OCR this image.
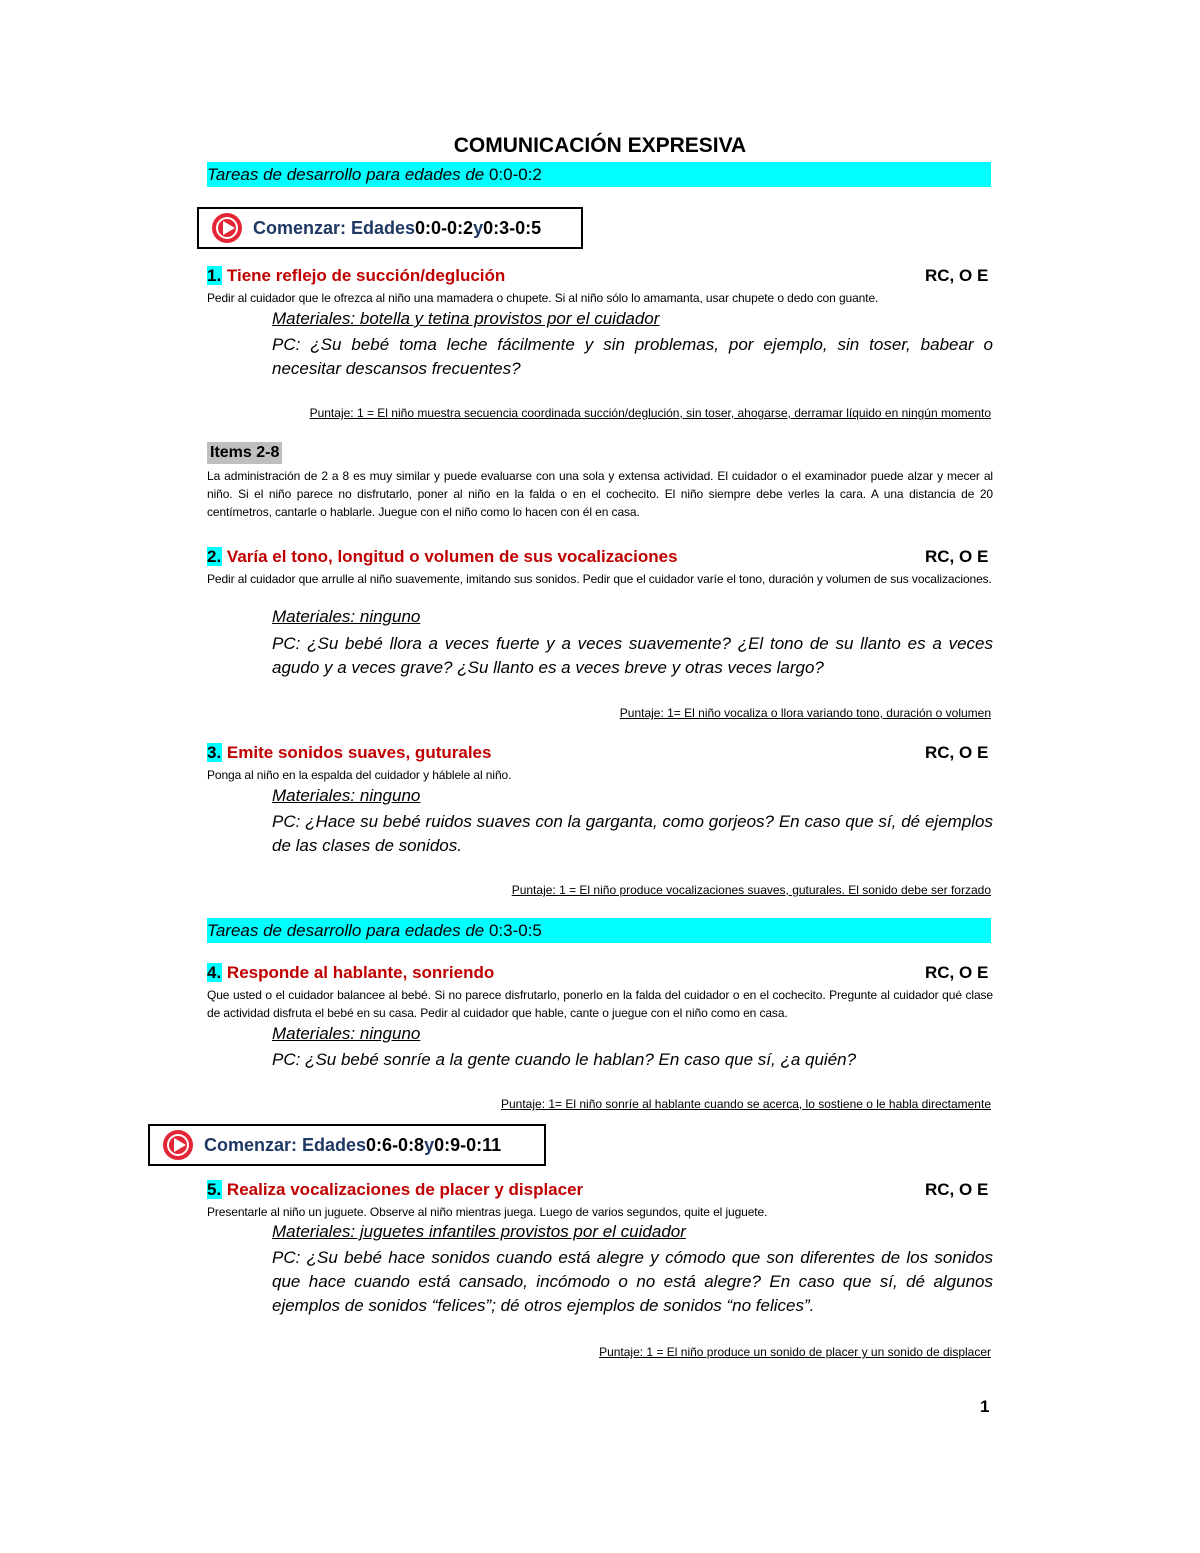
COMUNICACIÓN EXPRESIVA
Tareas de desarrollo para edades de 0:0-0:2
Comenzar: Edades 0:0-0:2 y 0:3-0:5
1. Tiene reflejo de succión/deglución	RC, O E
Pedir al cuidador que le ofrezca al niño una mamadera o chupete. Si al niño sólo lo amamanta, usar chupete o dedo con guante.
Materiales: botella y tetina provistos por el cuidador
PC: ¿Su bebé toma leche fácilmente y sin problemas, por ejemplo, sin toser, babear o necesitar descansos frecuentes?
Puntaje: 1 = El niño muestra secuencia coordinada succión/deglución, sin toser, ahogarse, derramar líquido en ningún momento
Items 2-8
La administración de 2 a 8 es muy similar y puede evaluarse con una sola y extensa actividad. El cuidador o el examinador puede alzar y mecer al niño. Si el niño parece no disfrutarlo, poner al niño en la falda o en el cochecito. El niño siempre debe verles la cara. A una distancia de 20 centímetros, cantarle o hablarle. Juegue con el niño como lo hacen con él en casa.
2. Varía el tono, longitud o volumen de sus vocalizaciones	RC, O E
Pedir al cuidador que arrulle al niño suavemente, imitando sus sonidos. Pedir que el cuidador varíe el tono, duración y volumen de sus vocalizaciones.
Materiales: ninguno
PC: ¿Su bebé llora a veces fuerte y a veces suavemente? ¿El tono de su llanto es a veces agudo y a veces grave? ¿Su llanto es a veces breve y otras veces largo?
Puntaje: 1= El niño vocaliza o llora variando tono, duración o volumen
3. Emite sonidos suaves, guturales	RC, O E
Ponga al niño en la espalda del cuidador y háblele al niño.
Materiales: ninguno
PC: ¿Hace su bebé ruidos suaves con la garganta, como gorjeos? En caso que sí, dé ejemplos de las clases de sonidos.
Puntaje: 1 = El niño produce vocalizaciones suaves, guturales. El sonido debe ser forzado
Tareas de desarrollo para edades de 0:3-0:5
4. Responde al hablante, sonriendo	RC, O E
Que usted o el cuidador balancee al bebé. Si no parece disfrutarlo, ponerlo en la falda del cuidador o en el cochecito. Pregunte al cuidador qué clase de actividad disfruta el bebé en su casa. Pedir al cuidador que hable, cante o juegue con el niño como en casa.
Materiales: ninguno
PC: ¿Su bebé sonríe a la gente cuando le hablan? En caso que sí, ¿a quién?
Puntaje: 1= El niño sonríe al hablante cuando se acerca, lo sostiene o le habla directamente
Comenzar: Edades 0:6-0:8 y 0:9-0:11
5. Realiza vocalizaciones de placer y displacer	RC, O E
Presentarle al niño un juguete. Observe al niño mientras juega. Luego de varios segundos, quite el juguete.
Materiales: juguetes infantiles provistos por el cuidador
PC: ¿Su bebé hace sonidos cuando está alegre y cómodo que son diferentes de los sonidos que hace cuando está cansado, incómodo o no está alegre? En caso que sí, dé algunos ejemplos de sonidos “felices”; dé otros ejemplos de sonidos “no felices”.
Puntaje: 1 = El niño produce un sonido de placer y un sonido de displacer
1
